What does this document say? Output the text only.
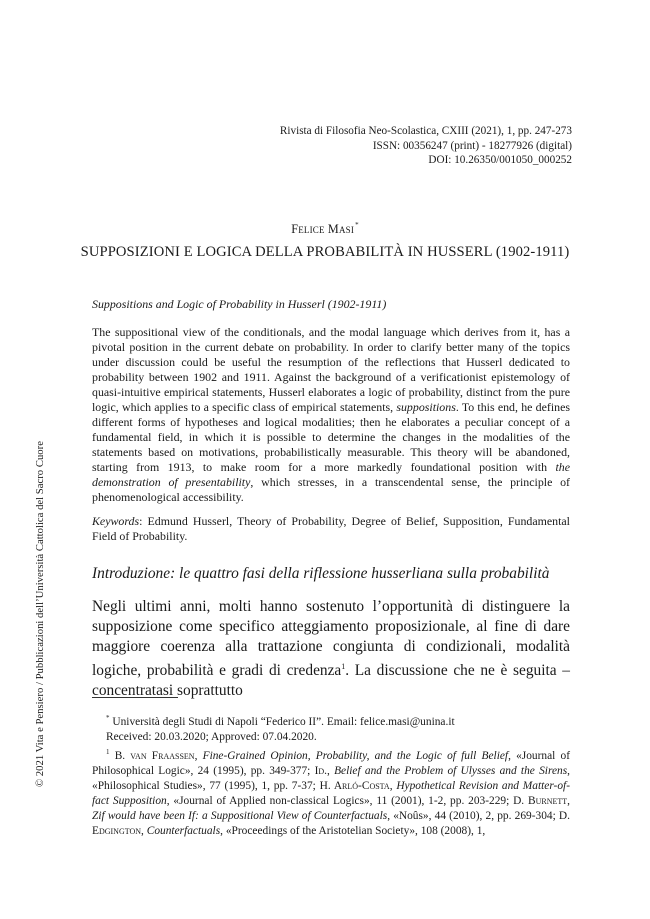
Rivista di Filosofia Neo-Scolastica, CXIII (2021), 1, pp. 247-273
ISSN: 00356247 (print) - 18277926 (digital)
DOI: 10.26350/001050_000252
Felice Masi*
SUPPOSIZIONI E LOGICA DELLA PROBABILITÀ IN HUSSERL (1902-1911)
Suppositions and Logic of Probability in Husserl (1902-1911)
The suppositional view of the conditionals, and the modal language which derives from it, has a pivotal position in the current debate on probability. In order to clarify better many of the topics under discussion could be useful the resumption of the reflections that Husserl dedicated to probability between 1902 and 1911. Against the background of a verificationist epistemology of quasi-intuitive empirical statements, Husserl elaborates a logic of probability, distinct from the pure logic, which applies to a specific class of empirical statements, suppositions. To this end, he defines different forms of hypotheses and logical modalities; then he elaborates a peculiar concept of a fundamental field, in which it is possible to determine the changes in the modalities of the statements based on motivations, probabilistically measurable. This theory will be abandoned, starting from 1913, to make room for a more markedly foundational position with the demonstration of presentability, which stresses, in a transcendental sense, the principle of phenomenological accessibility.
Keywords: Edmund Husserl, Theory of Probability, Degree of Belief, Supposition, Fundamental Field of Probability.
Introduzione: le quattro fasi della riflessione husserliana sulla probabilità
Negli ultimi anni, molti hanno sostenuto l’opportunità di distinguere la supposizione come specifico atteggiamento proposizionale, al fine di dare maggiore coerenza alla trattazione congiunta di condizionali, modalità logiche, probabilità e gradi di credenza$^1$. La discussione che ne è seguita – concentratasi soprattutto
* Università degli Studi di Napoli “Federico II”. Email: felice.masi@unina.it
Received: 20.03.2020; Approved: 07.04.2020.
$^1$ B. van Fraassen, Fine-Grained Opinion, Probability, and the Logic of full Belief, «Journal of Philosophical Logic», 24 (1995), pp. 349-377; Id., Belief and the Problem of Ulysses and the Sirens, «Philosophical Studies», 77 (1995), 1, pp. 7-37; H. Arló-Costa, Hypothetical Revision and Matter-of-fact Supposition, «Journal of Applied non-classical Logics», 11 (2001), 1-2, pp. 203-229; D. Burnett, Zif would have been If: a Suppositional View of Counterfactuals, «Noûs», 44 (2010), 2, pp. 269-304; D. Edgington, Counterfactuals, «Proceedings of the Aristotelian Society», 108 (2008), 1,
© 2021 Vita e Pensiero / Pubblicazioni dell’Università Cattolica del Sacro Cuore
